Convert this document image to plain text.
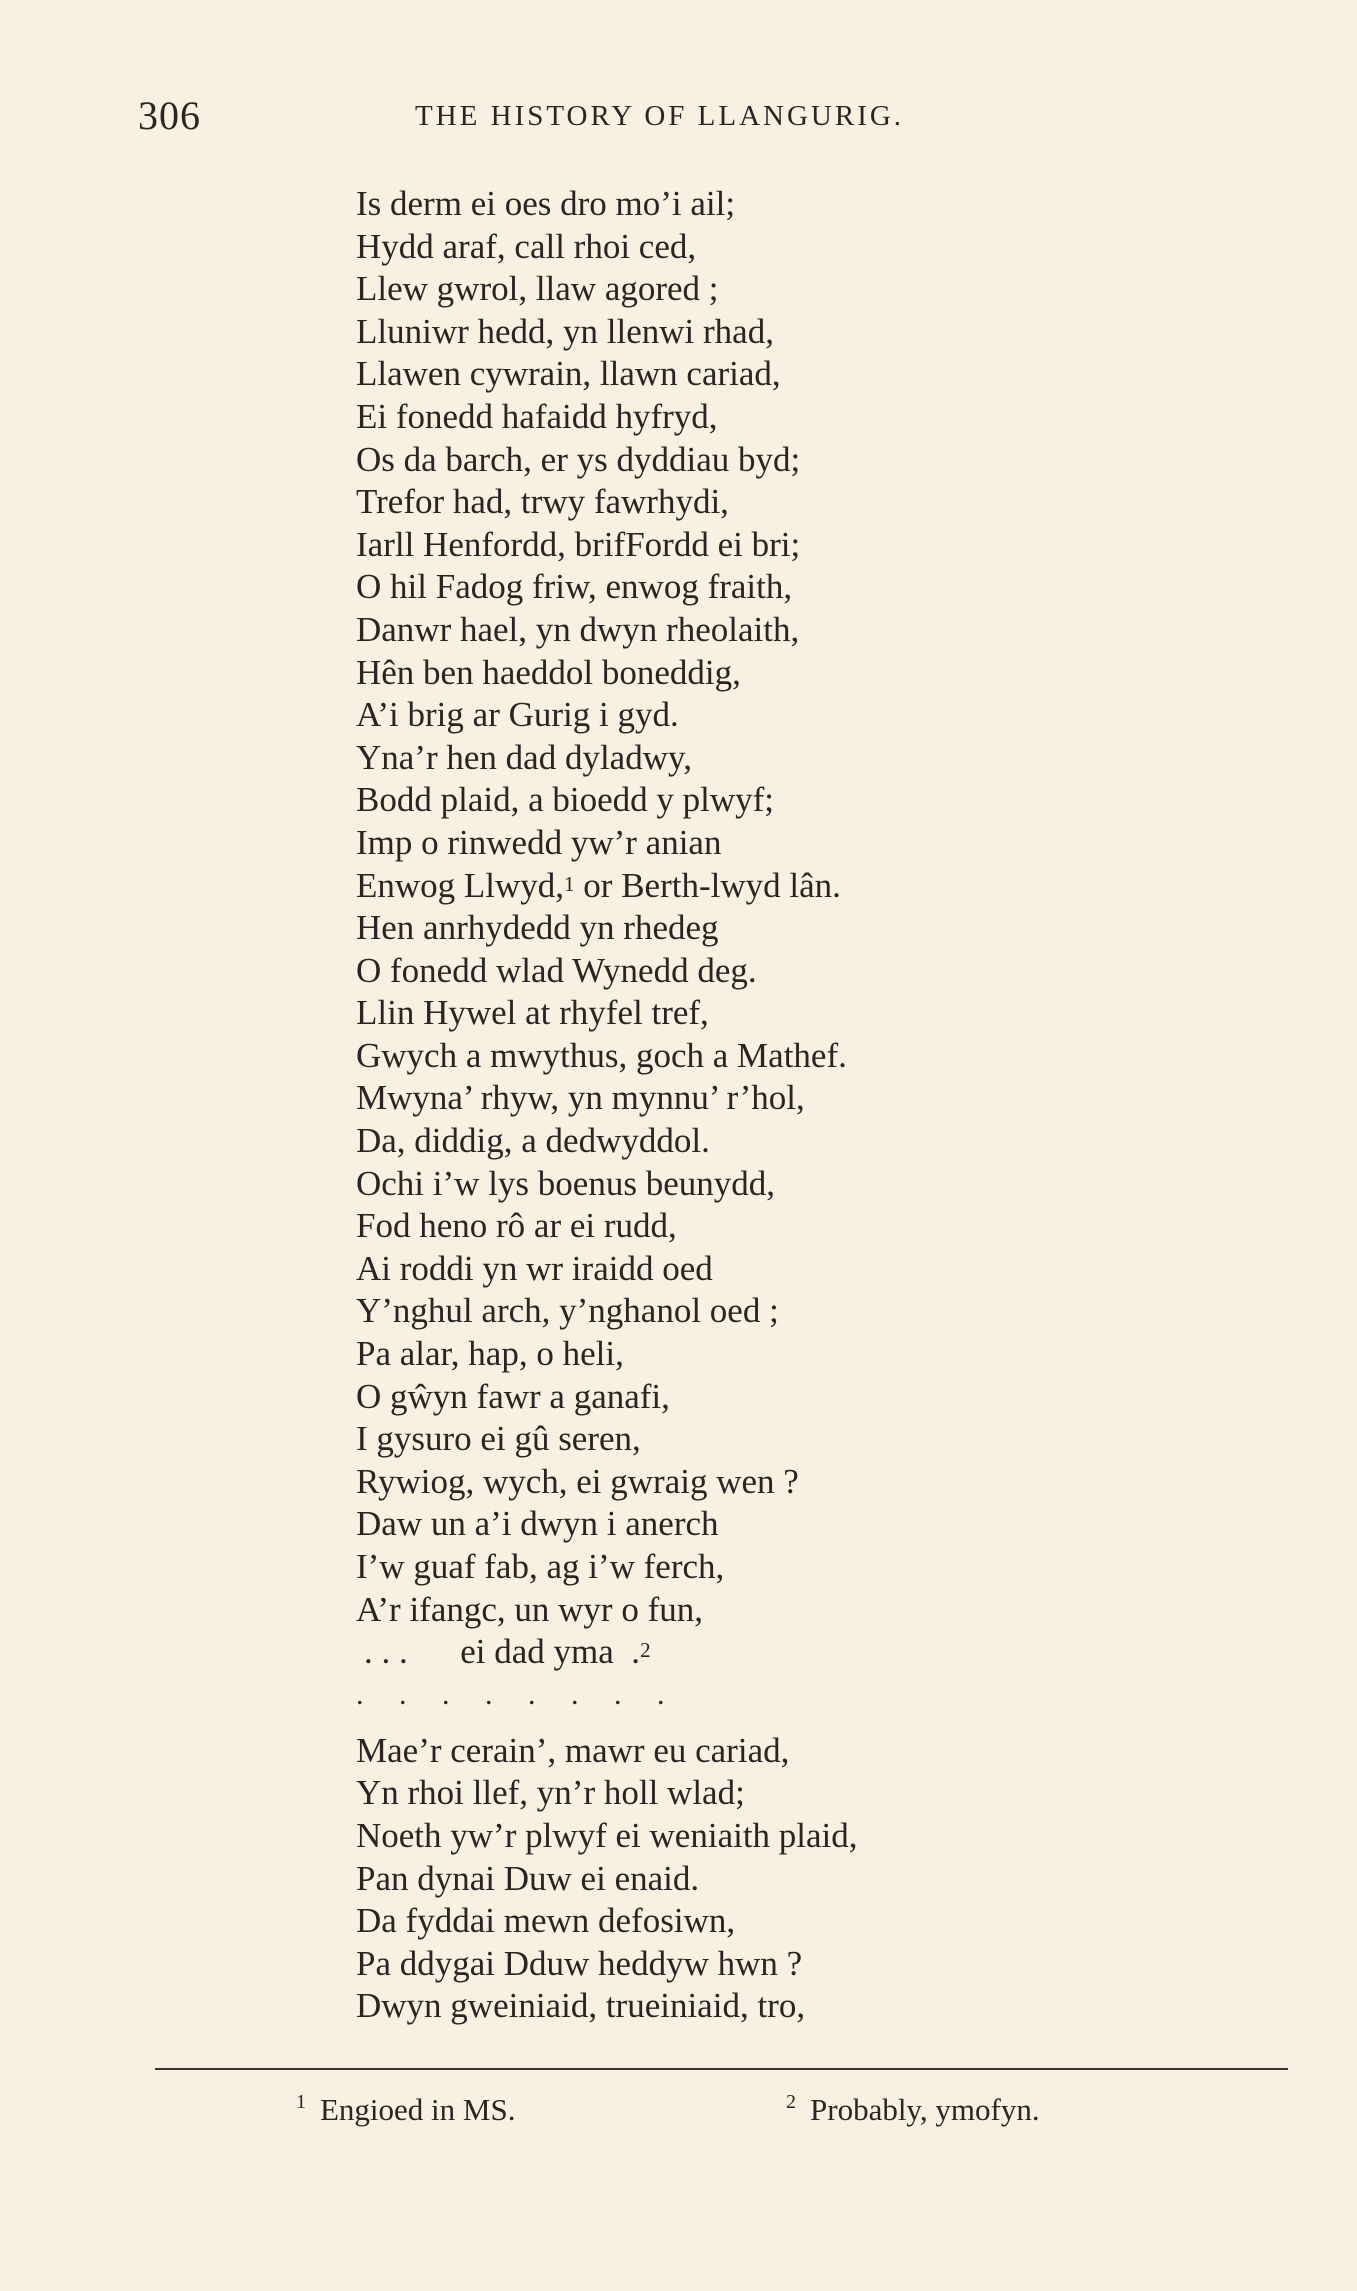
306	THE HISTORY OF LLANGURIG.
Is derm ei oes dro mo’i ail;
Hydd araf, call rhoi ced,
Llew gwrol, llaw agored ;
Lluniwr hedd, yn llenwi rhad,
Llawen cywrain, llawn cariad,
Ei fonedd hafaidd hyfryd,
Os da barch, er ys dyddiau byd;
Trefor had, trwy fawrhydi,
Iarll Henfordd, brifFordd ei bri;
O hil Fadog friw, enwog fraith,
Danwr hael, yn dwyn rheolaith,
Hên ben haeddol boneddig,
A’i brig ar Gurig i gyd.
Yna’r hen dad dyladwy,
Bodd plaid, a bioedd y plwyf;
Imp o rinwedd yw’r anian
Enwog Llwyd,$^1$ or Berth-lwyd lân.
Hen anrhydedd yn rhedeg
O fonedd wlad Wynedd deg.
Llin Hywel at rhyfel tref,
Gwych a mwythus, goch a Mathef.
Mwyna’ rhyw, yn mynnu’ r’hol,
Da, diddig, a dedwyddol.
Ochi i’w lys boenus beunydd,
Fod heno rô ar ei rudd,
Ai roddi yn wr iraidd oed
Y’nghul arch, y’nghanol oed ;
Pa alar, hap, o heli,
O gŵyn fawr a ganafi,
I gysuro ei gû seren,
Rywiog, wych, ei gwraig wen ?
Daw un a’i dwyn i anerch
I’w guaf fab, ag i’w ferch,
A’r ifangc, un wyr o fun,
. . .      ei dad yma  .$^2$
. . . . . . . .
Mae’r cerain’, mawr eu cariad,
Yn rhoi llef, yn’r holl wlad;
Noeth yw’r plwyf ei weniaith plaid,
Pan dynai Duw ei enaid.
Da fyddai mewn defosiwn,
Pa ddygai Dduw heddyw hwn ?
Dwyn gweiniaid, trueiniaid, tro,
$^1$ Engioed in MS.	$^2$ Probably, ymofyn.
